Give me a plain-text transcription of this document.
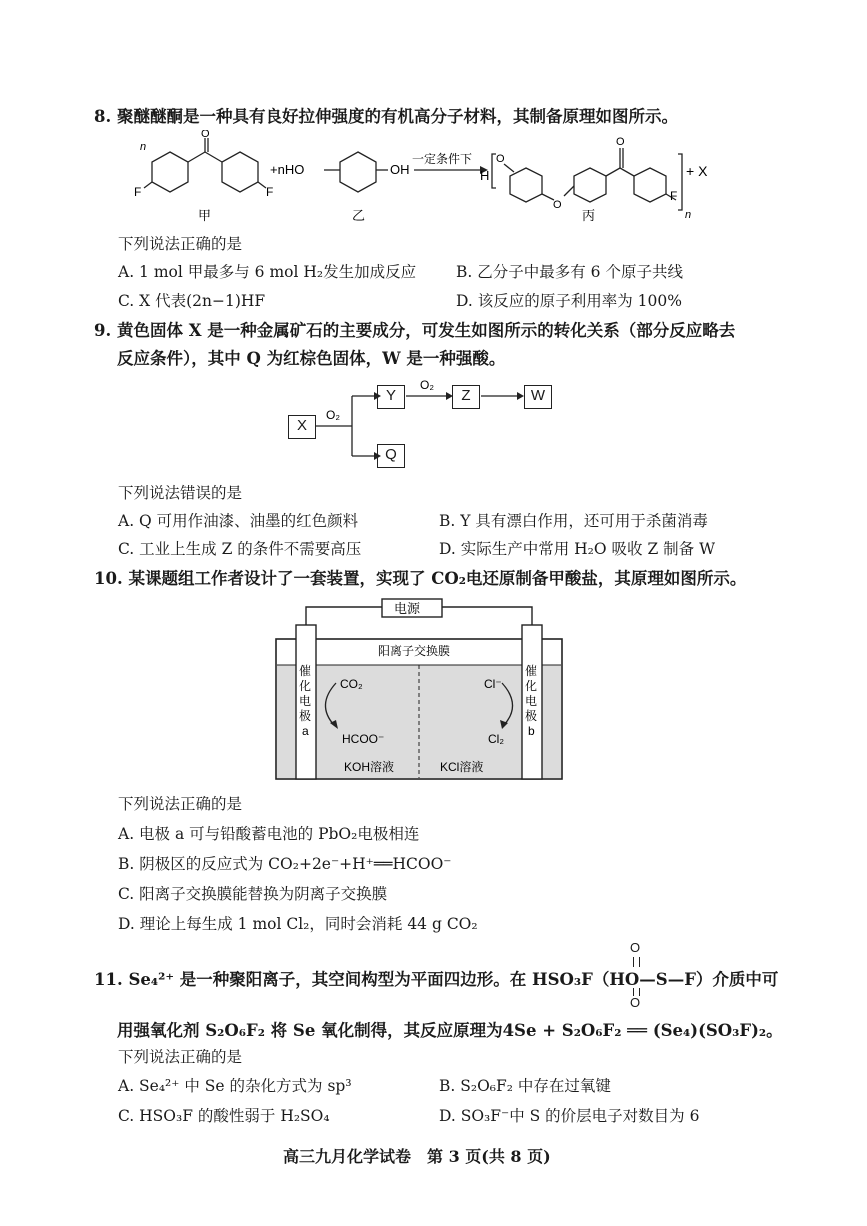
8. 聚醚醚酮是一种具有良好拉伸强度的有机高分子材料，其制备原理如图所示。
n
O
F	F
+nHO	OH
一定条件下
H
O
O
O
F
n
+ X
甲	乙	丙
下列说法正确的是
A. 1 mol 甲最多与 6 mol H₂发生加成反应	B. 乙分子中最多有 6 个原子共线
C. X 代表(2n−1)HF	D. 该反应的原子利用率为 100%
9. 黄色固体 X 是一种金属矿石的主要成分，可发生如图所示的转化关系（部分反应略去
反应条件），其中 Q 为红棕色固体，W 是一种强酸。
X
Y	Z	W
Q
O₂
O₂
下列说法错误的是
A. Q 可用作油漆、油墨的红色颜料	B. Y 具有漂白作用，还可用于杀菌消毒
C. 工业上生成 Z 的条件不需要高压	D. 实际生产中常用 H₂O 吸收 Z 制备 W
10. 某课题组工作者设计了一套装置，实现了 CO₂电还原制备甲酸盐，其原理如图所示。
电源
阳离子交换膜
催
化
电
极
a
催
化
电
极
b
CO₂
HCOO⁻
Cl⁻
Cl₂
KOH溶液	KCl溶液
下列说法正确的是
A. 电极 a 可与铅酸蓄电池的 PbO₂电极相连
B. 阴极区的反应式为 CO₂+2e⁻+H⁺══HCOO⁻
C. 阳离子交换膜能替换为阴离子交换膜
D. 理论上每生成 1 mol Cl₂，同时会消耗 44 g CO₂
O
11. Se₄²⁺ 是一种聚阳离子，其空间构型为平面四边形。在 HSO₃F（HO—S—F）介质中可
O
用强氧化剂 S₂O₆F₂ 将 Se 氧化制得，其反应原理为4Se + S₂O₆F₂ ══ (Se₄)(SO₃F)₂。
下列说法正确的是
A. Se₄²⁺ 中 Se 的杂化方式为 sp³	B. S₂O₆F₂ 中存在过氧键
C. HSO₃F 的酸性弱于 H₂SO₄	D. SO₃F⁻中 S 的价层电子对数目为 6
高三九月化学试卷　第 3 页(共 8 页)
